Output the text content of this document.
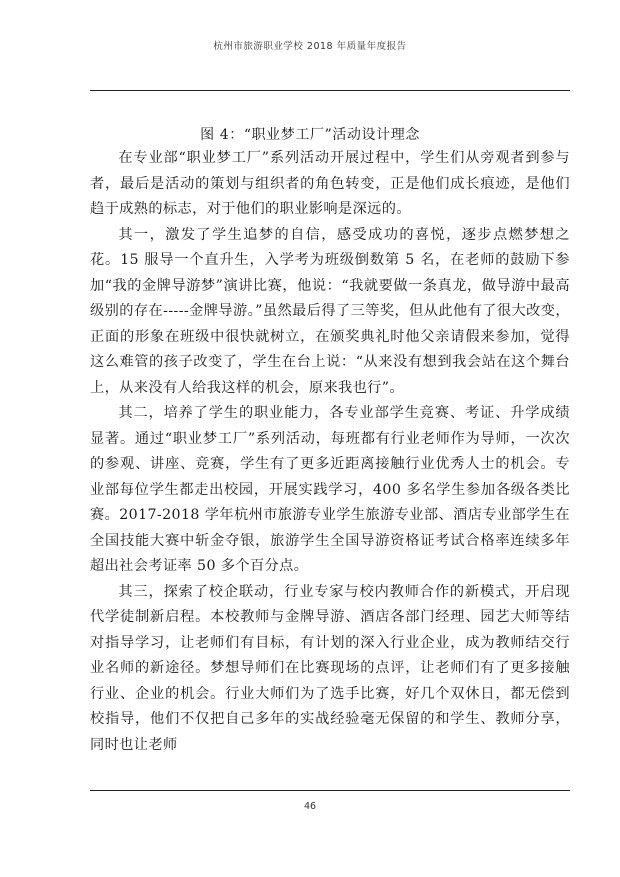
杭州市旅游职业学校 2018 年质量年度报告
图 4：“职业梦工厂”活动设计理念

在专业部“职业梦工厂”系列活动开展过程中，学生们从旁观者到参与者，最后是活动的策划与组织者的角色转变，正是他们成长痕迹，是他们趋于成熟的标志，对于他们的职业影响是深远的。

其一，激发了学生追梦的自信，感受成功的喜悦，逐步点燃梦想之花。15 服导一个直升生，入学考为班级倒数第 5 名，在老师的鼓励下参加“我的金牌导游梦”演讲比赛，他说：“我就要做一条真龙，做导游中最高级别的存在-----金牌导游。”虽然最后得了三等奖，但从此他有了很大改变，正面的形象在班级中很快就树立，在颁奖典礼时他父亲请假来参加，觉得这么难管的孩子改变了，学生在台上说：“从来没有想到我会站在这个舞台上，从来没有人给我这样的机会，原来我也行”。

其二，培养了学生的职业能力，各专业部学生竞赛、考证、升学成绩显著。通过“职业梦工厂”系列活动，每班都有行业老师作为导师，一次次的参观、讲座、竞赛，学生有了更多近距离接触行业优秀人士的机会。专业部每位学生都走出校园，开展实践学习，400 多名学生参加各级各类比赛。2017-2018 学年杭州市旅游专业学生旅游专业部、酒店专业部学生在全国技能大赛中斩金夺银，旅游学生全国导游资格证考试合格率连续多年超出社会考证率 50 多个百分点。

其三，探索了校企联动，行业专家与校内教师合作的新模式，开启现代学徒制新启程。本校教师与金牌导游、酒店各部门经理、园艺大师等结对指导学习，让老师们有目标，有计划的深入行业企业，成为教师结交行业名师的新途径。梦想导师们在比赛现场的点评，让老师们有了更多接触行业、企业的机会。行业大师们为了选手比赛，好几个双休日，都无偿到校指导，他们不仅把自己多年的实战经验毫无保留的和学生、教师分享，同时也让老师

46
